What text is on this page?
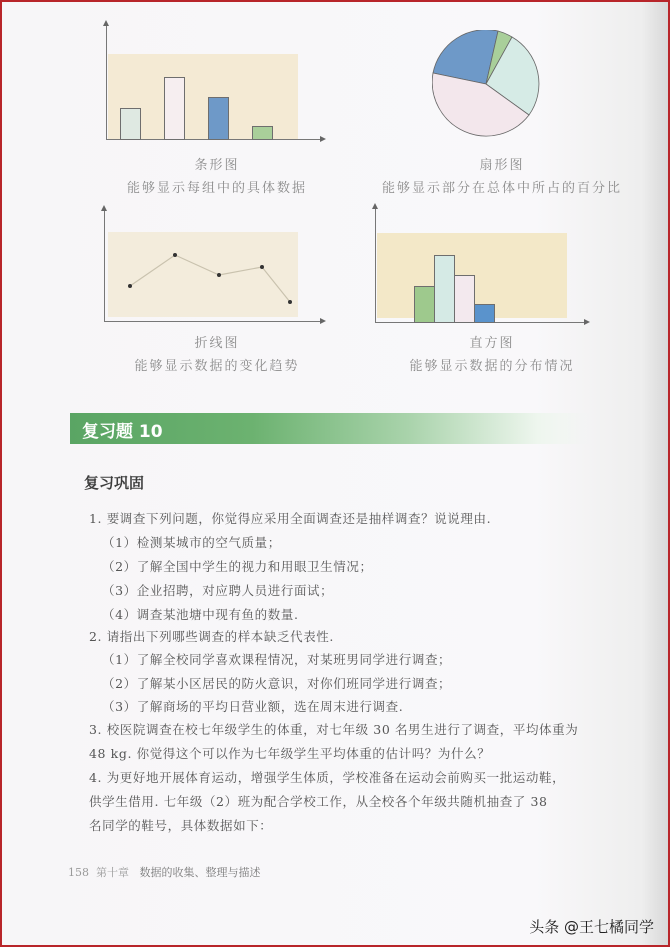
条形图
能够显示每组中的具体数据
扇形图
能够显示部分在总体中所占的百分比
折线图
能够显示数据的变化趋势
直方图
能够显示数据的分布情况
复习题 10
复习巩固
1. 要调查下列问题，你觉得应采用全面调查还是抽样调查？说说理由.
（1）检测某城市的空气质量；
（2）了解全国中学生的视力和用眼卫生情况；
（3）企业招聘，对应聘人员进行面试；
（4）调查某池塘中现有鱼的数量.
2. 请指出下列哪些调查的样本缺乏代表性.
（1）了解全校同学喜欢课程情况，对某班男同学进行调查；
（2）了解某小区居民的防火意识，对你们班同学进行调查；
（3）了解商场的平均日营业额，选在周末进行调查.
3. 校医院调查在校七年级学生的体重，对七年级 30 名男生进行了调查，平均体重为
48 kg. 你觉得这个可以作为七年级学生平均体重的估计吗？为什么？
4. 为更好地开展体育运动，增强学生体质，学校准备在运动会前购买一批运动鞋，
供学生借用. 七年级（2）班为配合学校工作，从全校各个年级共随机抽查了 38
名同学的鞋号，具体数据如下：
158 第十章 数据的收集、整理与描述
头条 @王七橘同学
